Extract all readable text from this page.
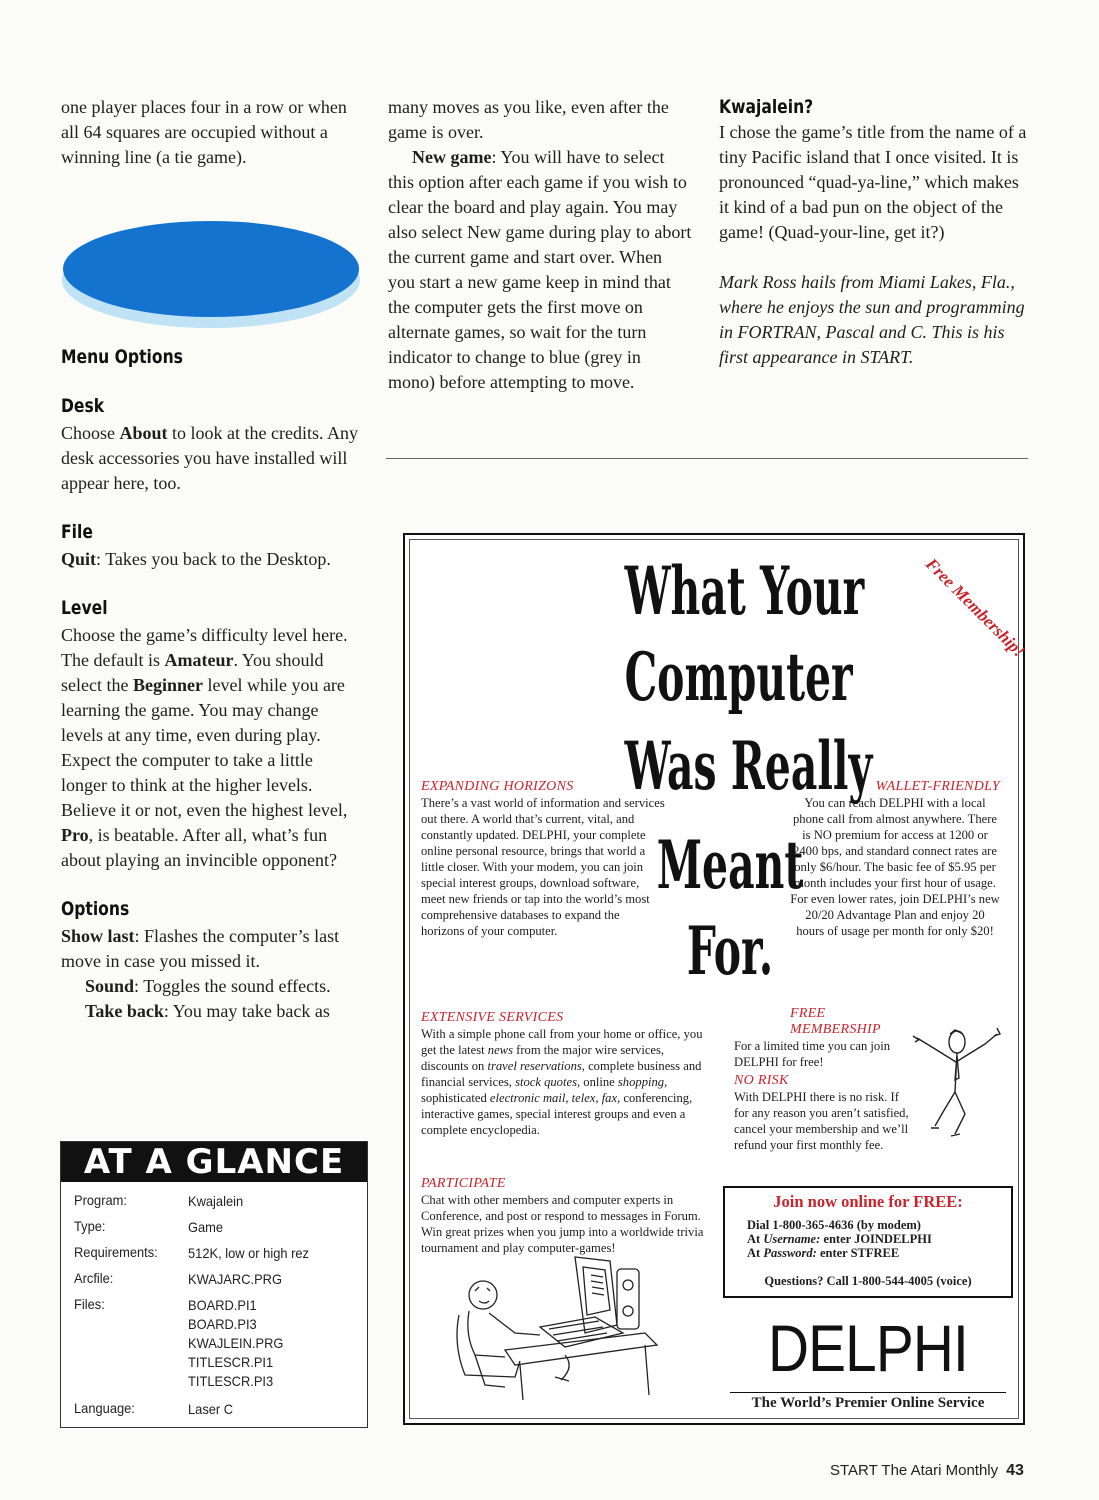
one player places four in a row or when all 64 squares are occupied without a winning line (a tie game).

Menu Options
Desk

Choose About to look at the credits. Any desk accessories you have installed will appear here, too.

File

Quit: Takes you back to the Desktop.

Level

Choose the game’s difficulty level here. The default is Amateur. You should select the Beginner level while you are learning the game. You may change levels at any time, even during play. Expect the computer to take a little longer to think at the higher levels. Believe it or not, even the highest level, Pro, is beatable. After all, what’s fun about playing an invincible opponent?

Options

Show last: Flashes the computer’s last move in case you missed it.

Sound: Toggles the sound effects.

Take back: You may take back as

AT A GLANCE
Program:	Kwajalein
Type:	Game
Requirements: 512K, low or high rez
Arcfile:	KWAJARC.PRG
Files:	BOARD.PI1
BOARD.PI3
KWAJLEIN.PRG
TITLESCR.PI1
TITLESCR.PI3
Language:	Laser C

many moves as you like, even after the game is over.

New game: You will have to select this option after each game if you wish to clear the board and play again. You may also select New game during play to abort the current game and start over. When you start a new game keep in mind that the computer gets the first move on alternate games, so wait for the turn indicator to change to blue (grey in mono) before attempting to move.

Kwajalein?

I chose the game’s title from the name of a tiny Pacific island that I once visited. It is pronounced “quad-ya-line,” which makes it kind of a bad pun on the object of the game! (Quad-your-line, get it?)

Mark Ross hails from Miami Lakes, Fla., where he enjoys the sun and programming in FORTRAN, Pascal and C. This is his first appearance in START.

What Your
Computer
Was Really
Meant
For.
Free Membership!
EXPANDING HORIZONS
There’s a vast world of information and services out there. A world that’s current, vital, and constantly updated. DELPHI, your complete online personal resource, brings that world a little closer. With your modem, you can join special interest groups, download software, meet new friends or tap into the world’s most comprehensive databases to expand the horizons of your computer.
WALLET-FRIENDLY
You can reach DELPHI with a local phone call from almost anywhere. There is NO premium for access at 1200 or 2400 bps, and standard connect rates are only $6/hour. The basic fee of $5.95 per month includes your first hour of usage. For even lower rates, join DELPHI’s new 20/20 Advantage Plan and enjoy 20 hours of usage per month for only $20!
EXTENSIVE SERVICES
With a simple phone call from your home or office, you get the latest news from the major wire services, discounts on travel reservations, complete business and financial services, stock quotes, online shopping, sophisticated electronic mail, telex, fax, conferencing, interactive games, special interest groups and even a complete encyclopedia.
FREE MEMBERSHIP
For a limited time you can join DELPHI for free!
NO RISK
With DELPHI there is no risk. If for any reason you aren’t satisfied, cancel your membership and we’ll refund your first monthly fee.
PARTICIPATE
Chat with other members and computer experts in Conference, and post or respond to messages in Forum. Win great prizes when you jump into a worldwide trivia tournament and play computer-games!
Join now online for FREE:
Dial 1-800-365-4636 (by modem)
At Username: enter JOINDELPHI
At Password: enter STFREE
Questions? Call 1-800-544-4005 (voice)
DELPHI
The World’s Premier Online Service
START The Atari Monthly 43
